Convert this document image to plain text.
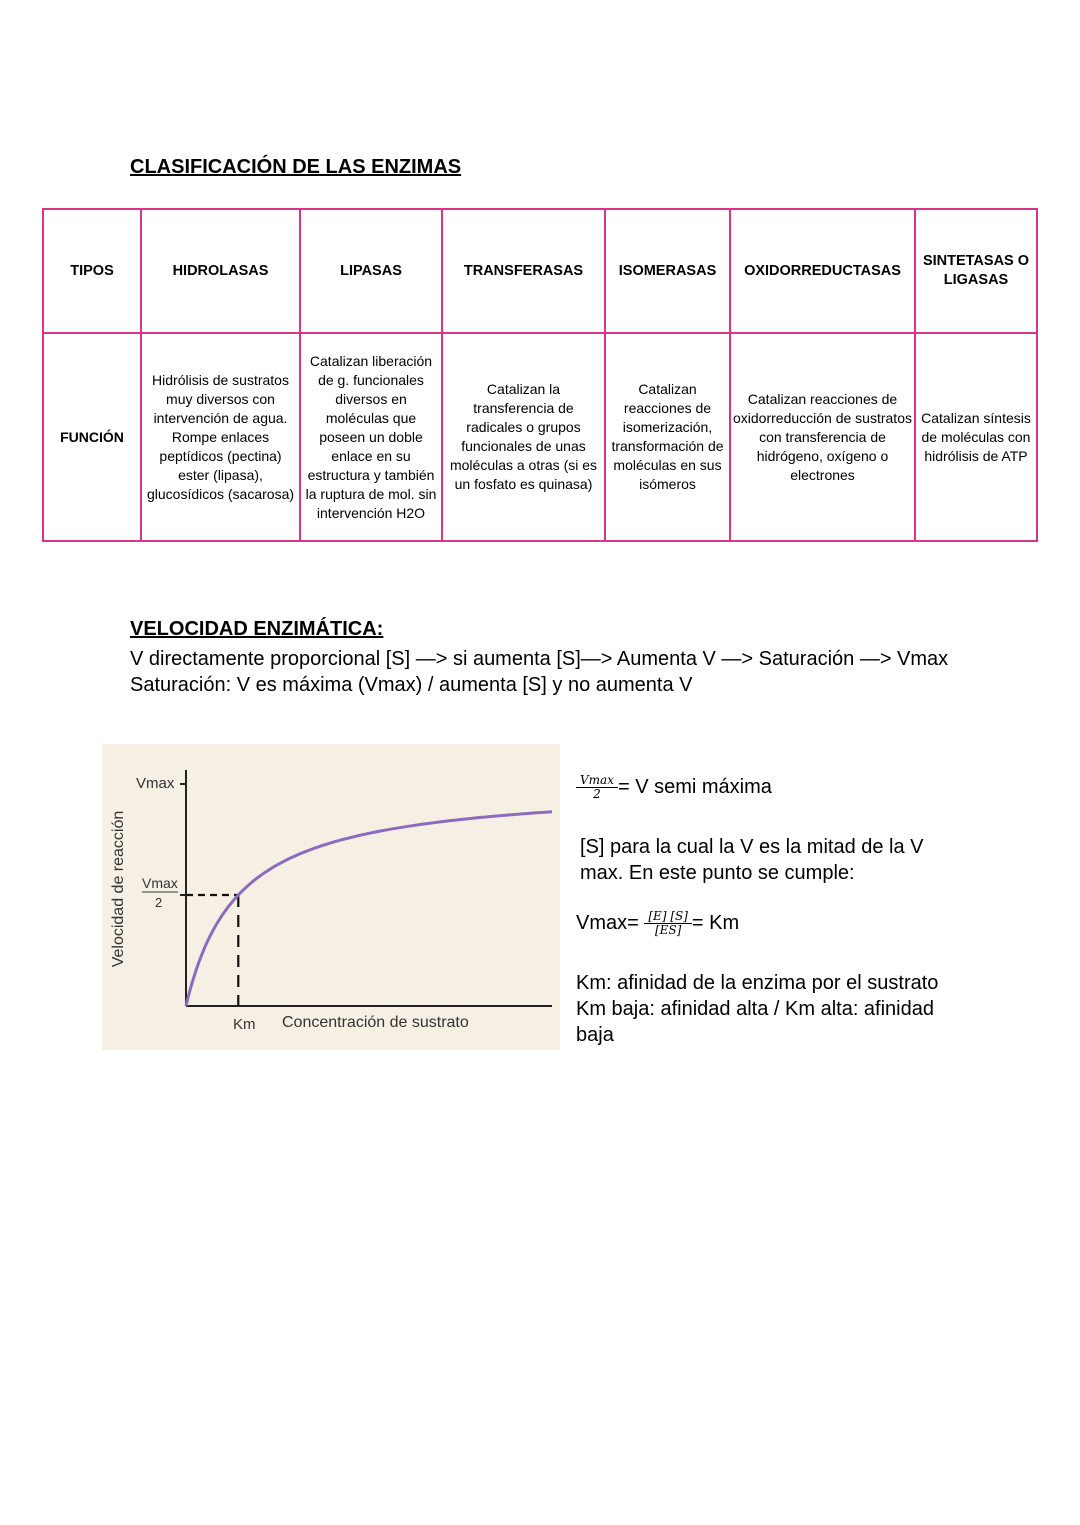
CLASIFICACIÓN DE LAS ENZIMAS
TIPOS	HIDROLASAS	LIPASAS	TRANSFERASAS	ISOMERASAS	OXIDORREDUCTASAS	SINTETASAS O LIGASAS
FUNCIÓN	Hidrólisis de sustratos muy diversos con intervención de agua. Rompe enlaces peptídicos (pectina) ester (lipasa), glucosídicos (sacarosa)	Catalizan liberación de g. funcionales diversos en moléculas que poseen un doble enlace en su estructura y también la ruptura de mol. sin intervención H2O	Catalizan la transferencia de radicales o grupos funcionales de unas moléculas a otras (si es un fosfato es quinasa)	Catalizan reacciones de isomerización, transformación de moléculas en sus isómeros	Catalizan reacciones de oxidorreducción de sustratos con transferencia de hidrógeno, oxígeno o electrones	Catalizan síntesis de moléculas con hidrólisis de ATP
VELOCIDAD ENZIMÁTICA:

V directamente proporcional [S] —> si aumenta [S]—> Aumenta V —> Saturación —> Vmax

Saturación: V es máxima (Vmax) / aumenta [S] y no aumenta V

Vmax
Vmax
2
Km Concentración de sustrato
Velocidad de reacción
$\frac{Vmax}{2} = V$ semi máxima

[S] para la cual la V es la mitad de la V max. En este punto se cumple:

$Vmax= \frac{[E] [S]}{[ES]} = Km$

Km: afinidad de la enzima por el sustrato

Km baja: afinidad alta / Km alta: afinidad baja
